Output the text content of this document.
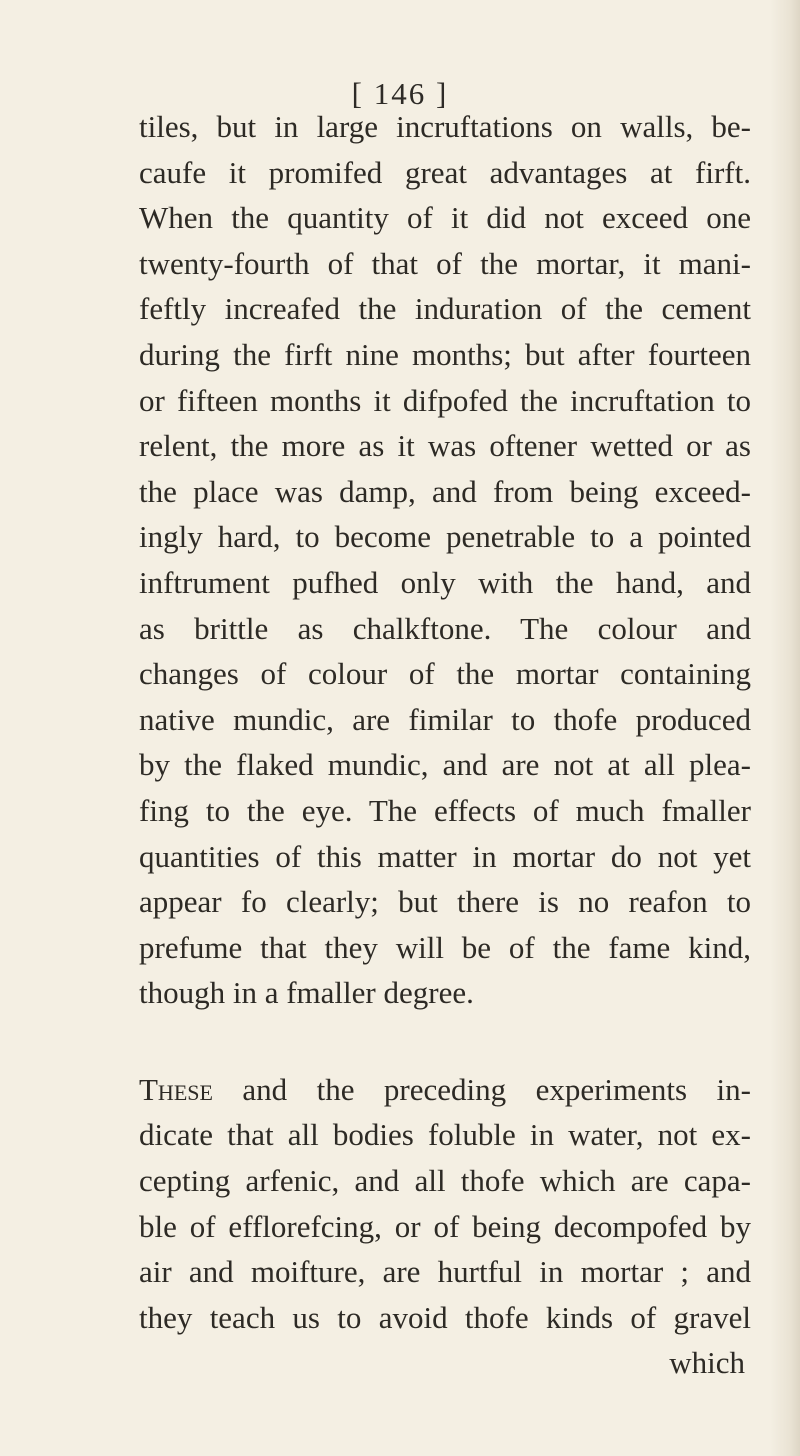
[ 146 ]
tiles, but in large incruftations on walls, be-
caufe it promifed great advantages at firft.
When the quantity of it did not exceed one
twenty-fourth of that of the mortar, it mani-
feftly increafed the induration of the cement
during the firft nine months; but after fourteen
or fifteen months it difpofed the incruftation to
relent, the more as it was oftener wetted or as
the place was damp, and from being exceed-
ingly hard, to become penetrable to a pointed
inftrument pufhed only with the hand, and
as brittle as chalkftone. The colour and
changes of colour of the mortar containing
native mundic, are fimilar to thofe produced
by the flaked mundic, and are not at all plea-
fing to the eye. The effects of much fmaller
quantities of this matter in mortar do not yet
appear fo clearly; but there is no reafon to
prefume that they will be of the fame kind,
though in a fmaller degree.
These and the preceding experiments in-
dicate that all bodies foluble in water, not ex-
cepting arfenic, and all thofe which are capa-
ble of efflorefcing, or of being decompofed by
air and moifture, are hurtful in mortar ; and
they teach us to avoid thofe kinds of gravel
which
